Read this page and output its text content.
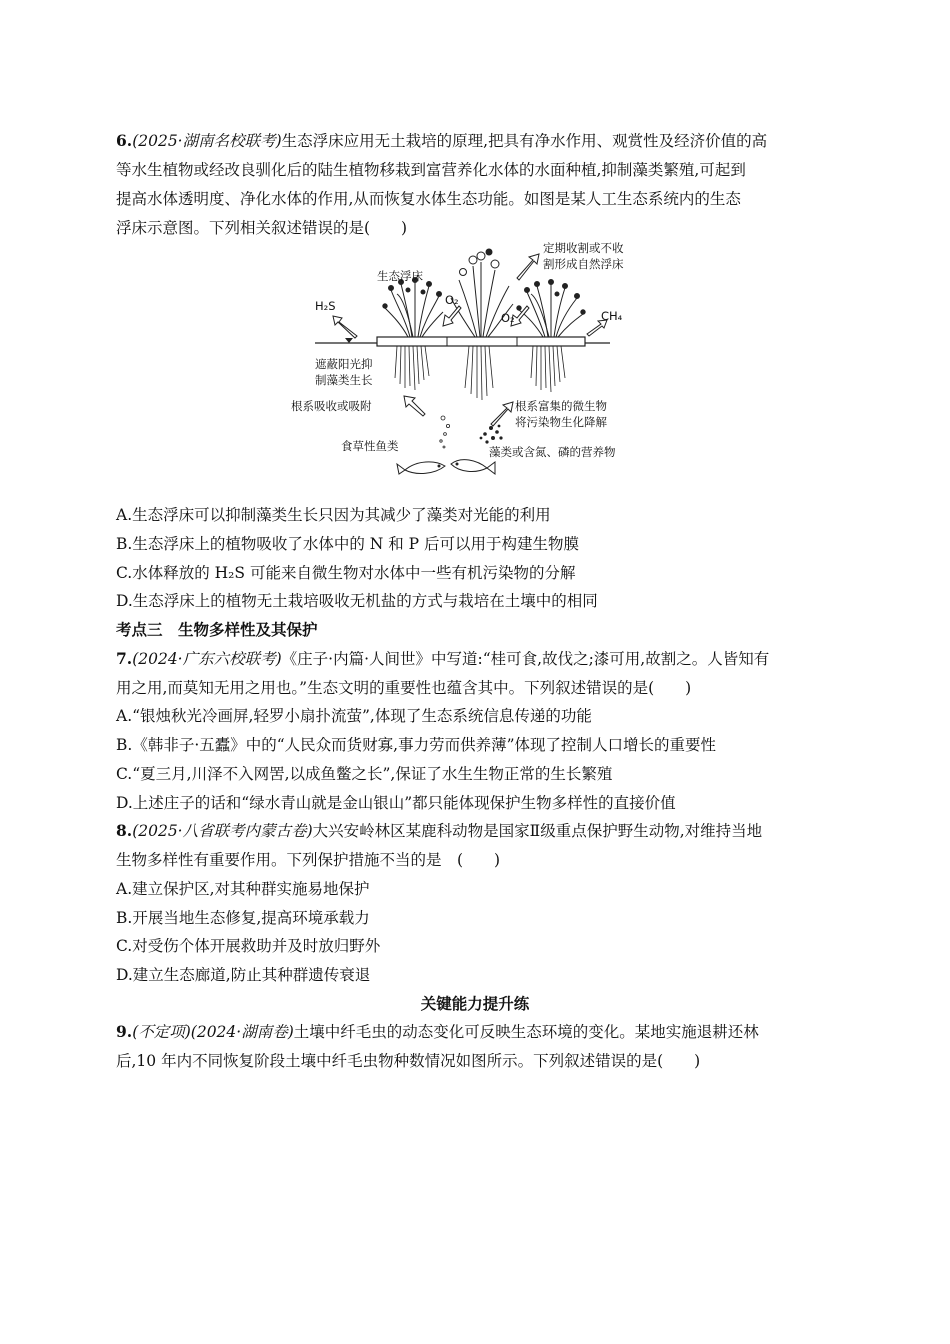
6.(2025·湖南名校联考)生态浮床应用无土栽培的原理,把具有净水作用、观赏性及经济价值的高
等水生植物或经改良驯化后的陆生植物移栽到富营养化水体的水面种植,抑制藻类繁殖,可起到
提高水体透明度、净化水体的作用,从而恢复水体生态功能。如图是某人工生态系统内的生态
浮床示意图。下列相关叙述错误的是(　　)
生态浮床
定期收割或不收
割形成自然浮床
H₂S	O₂
O₂	CH₄
遮蔽阳光抑
制藻类生长
根系吸收或吸附	根系富集的微生物
将污染物生化降解
食草性鱼类	藻类或含氮、磷的营养物
A.生态浮床可以抑制藻类生长只因为其减少了藻类对光能的利用
B.生态浮床上的植物吸收了水体中的 N 和 P 后可以用于构建生物膜
C.水体释放的 H₂S 可能来自微生物对水体中一些有机污染物的分解
D.生态浮床上的植物无土栽培吸收无机盐的方式与栽培在土壤中的相同
考点三　生物多样性及其保护
7.(2024·广东六校联考)《庄子·内篇·人间世》中写道:“桂可食,故伐之;漆可用,故割之。人皆知有
用之用,而莫知无用之用也。”生态文明的重要性也蕴含其中。下列叙述错误的是(　　)
A.“银烛秋光冷画屏,轻罗小扇扑流萤”,体现了生态系统信息传递的功能
B.《韩非子·五蠹》中的“人民众而货财寡,事力劳而供养薄”体现了控制人口增长的重要性
C.“夏三月,川泽不入网罟,以成鱼鳖之长”,保证了水生生物正常的生长繁殖
D.上述庄子的话和“绿水青山就是金山银山”都只能体现保护生物多样性的直接价值
8.(2025·八省联考内蒙古卷)大兴安岭林区某鹿科动物是国家Ⅱ级重点保护野生动物,对维持当地
生物多样性有重要作用。下列保护措施不当的是　(　　)
A.建立保护区,对其种群实施易地保护
B.开展当地生态修复,提高环境承载力
C.对受伤个体开展救助并及时放归野外
D.建立生态廊道,防止其种群遗传衰退
关键能力提升练
9.(不定项)(2024·湖南卷)土壤中纤毛虫的动态变化可反映生态环境的变化。某地实施退耕还林
后,10 年内不同恢复阶段土壤中纤毛虫物种数情况如图所示。下列叙述错误的是(　　)
